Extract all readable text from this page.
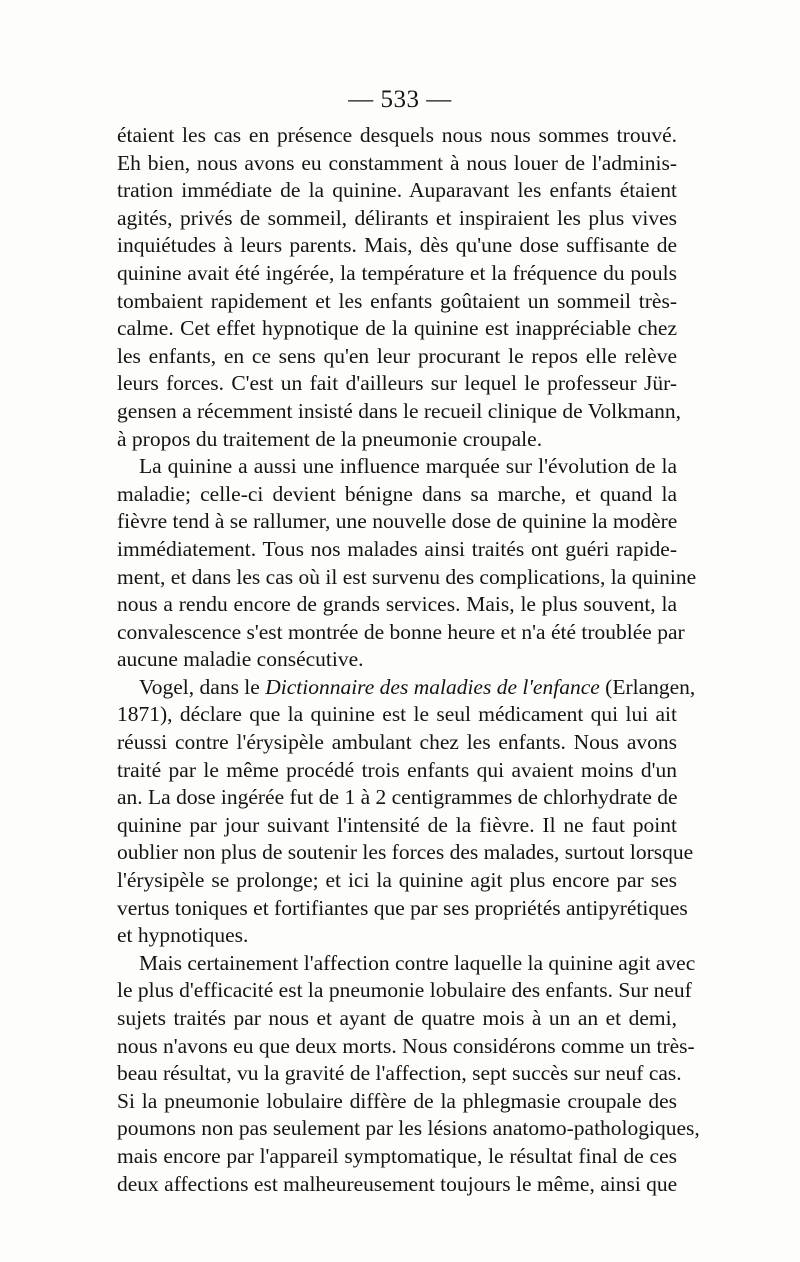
— 533 —
étaient les cas en présence desquels nous nous sommes trouvé.
Eh bien, nous avons eu constamment à nous louer de l'adminis-
tration immédiate de la quinine. Auparavant les enfants étaient
agités, privés de sommeil, délirants et inspiraient les plus vives
inquiétudes à leurs parents. Mais, dès qu'une dose suffisante de
quinine avait été ingérée, la température et la fréquence du pouls
tombaient rapidement et les enfants goûtaient un sommeil très-
calme. Cet effet hypnotique de la quinine est inappréciable chez
les enfants, en ce sens qu'en leur procurant le repos elle relève
leurs forces. C'est un fait d'ailleurs sur lequel le professeur Jür-
gensen a récemment insisté dans le recueil clinique de Volkmann,
à propos du traitement de la pneumonie croupale.
La quinine a aussi une influence marquée sur l'évolution de la
maladie; celle-ci devient bénigne dans sa marche, et quand la
fièvre tend à se rallumer, une nouvelle dose de quinine la modère
immédiatement. Tous nos malades ainsi traités ont guéri rapide-
ment, et dans les cas où il est survenu des complications, la quinine
nous a rendu encore de grands services. Mais, le plus souvent, la
convalescence s'est montrée de bonne heure et n'a été troublée par
aucune maladie consécutive.
Vogel, dans le Dictionnaire des maladies de l'enfance (Erlangen,
1871), déclare que la quinine est le seul médicament qui lui ait
réussi contre l'érysipèle ambulant chez les enfants. Nous avons
traité par le même procédé trois enfants qui avaient moins d'un
an. La dose ingérée fut de 1 à 2 centigrammes de chlorhydrate de
quinine par jour suivant l'intensité de la fièvre. Il ne faut point
oublier non plus de soutenir les forces des malades, surtout lorsque
l'érysipèle se prolonge; et ici la quinine agit plus encore par ses
vertus toniques et fortifiantes que par ses propriétés antipyrétiques
et hypnotiques.
Mais certainement l'affection contre laquelle la quinine agit avec
le plus d'efficacité est la pneumonie lobulaire des enfants. Sur neuf
sujets traités par nous et ayant de quatre mois à un an et demi,
nous n'avons eu que deux morts. Nous considérons comme un très-
beau résultat, vu la gravité de l'affection, sept succès sur neuf cas.
Si la pneumonie lobulaire diffère de la phlegmasie croupale des
poumons non pas seulement par les lésions anatomo-pathologiques,
mais encore par l'appareil symptomatique, le résultat final de ces
deux affections est malheureusement toujours le même, ainsi que
